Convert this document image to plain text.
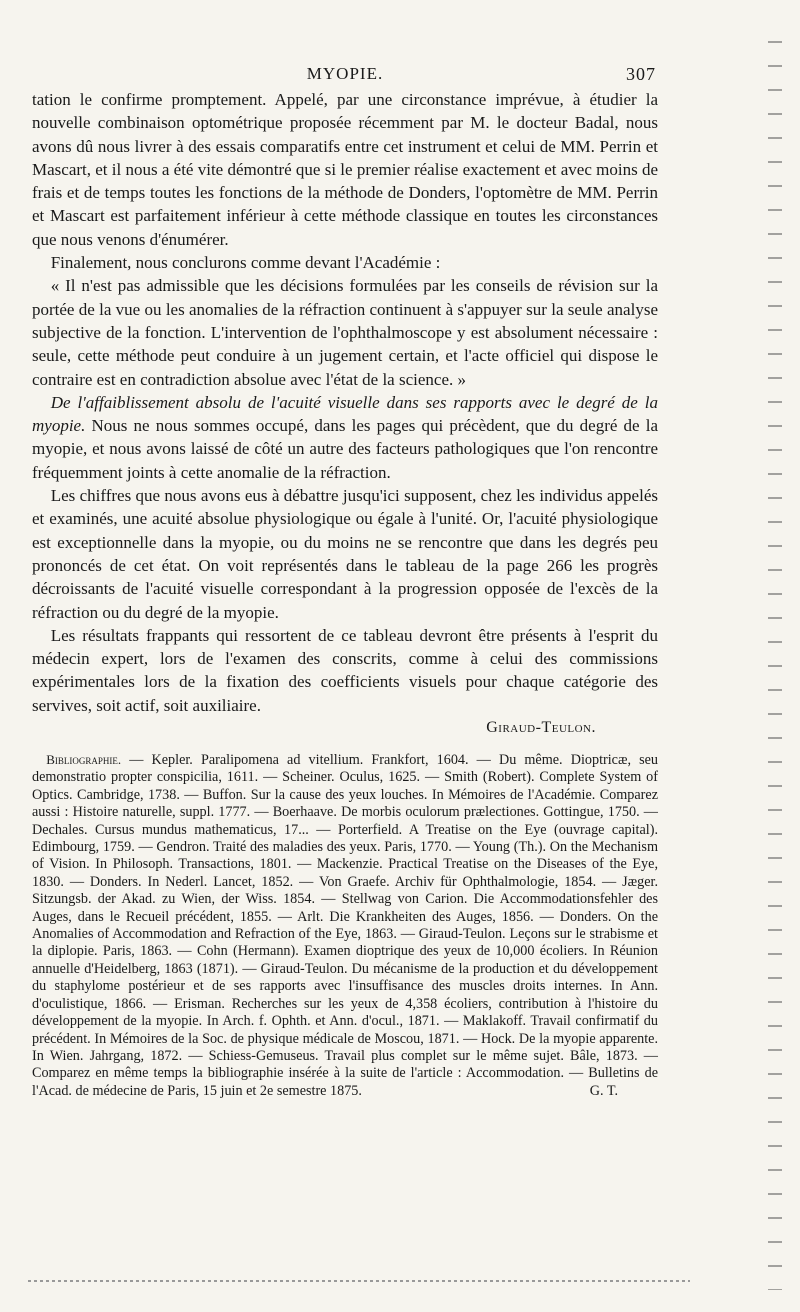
MYOPIE.	307

tation le confirme promptement. Appelé, par une circonstance imprévue, à étudier la nouvelle combinaison optométrique proposée récemment par M. le docteur Badal, nous avons dû nous livrer à des essais comparatifs entre cet instrument et celui de MM. Perrin et Mascart, et il nous a été vite démontré que si le premier réalise exactement et avec moins de frais et de temps toutes les fonctions de la méthode de Donders, l'optomètre de MM. Perrin et Mascart est parfaitement inférieur à cette méthode classique en toutes les circonstances que nous venons d'énumérer.

Finalement, nous conclurons comme devant l'Académie :

« Il n'est pas admissible que les décisions formulées par les conseils de révision sur la portée de la vue ou les anomalies de la réfraction continuent à s'appuyer sur la seule analyse subjective de la fonction. L'intervention de l'ophthalmoscope y est absolument nécessaire : seule, cette méthode peut conduire à un jugement certain, et l'acte officiel qui dispose le contraire est en contradiction absolue avec l'état de la science. »

De l'affaiblissement absolu de l'acuité visuelle dans ses rapports avec le degré de la myopie. Nous ne nous sommes occupé, dans les pages qui précèdent, que du degré de la myopie, et nous avons laissé de côté un autre des facteurs pathologiques que l'on rencontre fréquemment joints à cette anomalie de la réfraction.

Les chiffres que nous avons eus à débattre jusqu'ici supposent, chez les individus appelés et examinés, une acuité absolue physiologique ou égale à l'unité. Or, l'acuité physiologique est exceptionnelle dans la myopie, ou du moins ne se rencontre que dans les degrés peu prononcés de cet état. On voit représentés dans le tableau de la page 266 les progrès décroissants de l'acuité visuelle correspondant à la progression opposée de l'excès de la réfraction ou du degré de la myopie.

Les résultats frappants qui ressortent de ce tableau devront être présents à l'esprit du médecin expert, lors de l'examen des conscrits, comme à celui des commissions expérimentales lors de la fixation des coefficients visuels pour chaque catégorie des servives, soit actif, soit auxiliaire.

Giraud-Teulon.

Bibliographie. — Kepler. Paralipomena ad vitellium. Frankfort, 1604. — Du même. Dioptricæ, seu demonstratio propter conspicilia, 1611. — Scheiner. Oculus, 1625. — Smith (Robert). Complete System of Optics. Cambridge, 1738. — Buffon. Sur la cause des yeux louches. In Mémoires de l'Académie. Comparez aussi : Histoire naturelle, suppl. 1777. — Boerhaave. De morbis oculorum prælectiones. Gottingue, 1750. — Dechales. Cursus mundus mathematicus, 17... — Porterfield. A Treatise on the Eye (ouvrage capital). Edimbourg, 1759. — Gendron. Traité des maladies des yeux. Paris, 1770. — Young (Th.). On the Mechanism of Vision. In Philosoph. Transactions, 1801. — Mackenzie. Practical Treatise on the Diseases of the Eye, 1830. — Donders. In Nederl. Lancet, 1852. — Von Graefe. Archiv für Ophthalmologie, 1854. — Jæger. Sitzungsb. der Akad. zu Wien, der Wiss. 1854. — Stellwag von Carion. Die Accommodationsfehler des Auges, dans le Recueil précédent, 1855. — Arlt. Die Krankheiten des Auges, 1856. — Donders. On the Anomalies of Accommodation and Refraction of the Eye, 1863. — Giraud-Teulon. Leçons sur le strabisme et la diplopie. Paris, 1863. — Cohn (Hermann). Examen dioptrique des yeux de 10,000 écoliers. In Réunion annuelle d'Heidelberg, 1863 (1871). — Giraud-Teulon. Du mécanisme de la production et du développement du staphylome postérieur et de ses rapports avec l'insuffisance des muscles droits internes. In Ann. d'oculistique, 1866. — Erisman. Recherches sur les yeux de 4,358 écoliers, contribution à l'histoire du développement de la myopie. In Arch. f. Ophth. et Ann. d'ocul., 1871. — Maklakoff. Travail confirmatif du précédent. In Mémoires de la Soc. de physique médicale de Moscou, 1871. — Hock. De la myopie apparente. In Wien. Jahrgang, 1872. — Schiess-Gemuseus. Travail plus complet sur le même sujet. Bâle, 1873. — Comparez en même temps la bibliographie insérée à la suite de l'article : Accommodation. — Bulletins de l'Acad. de médecine de Paris, 15 juin et 2e semestre 1875.	G. T.
